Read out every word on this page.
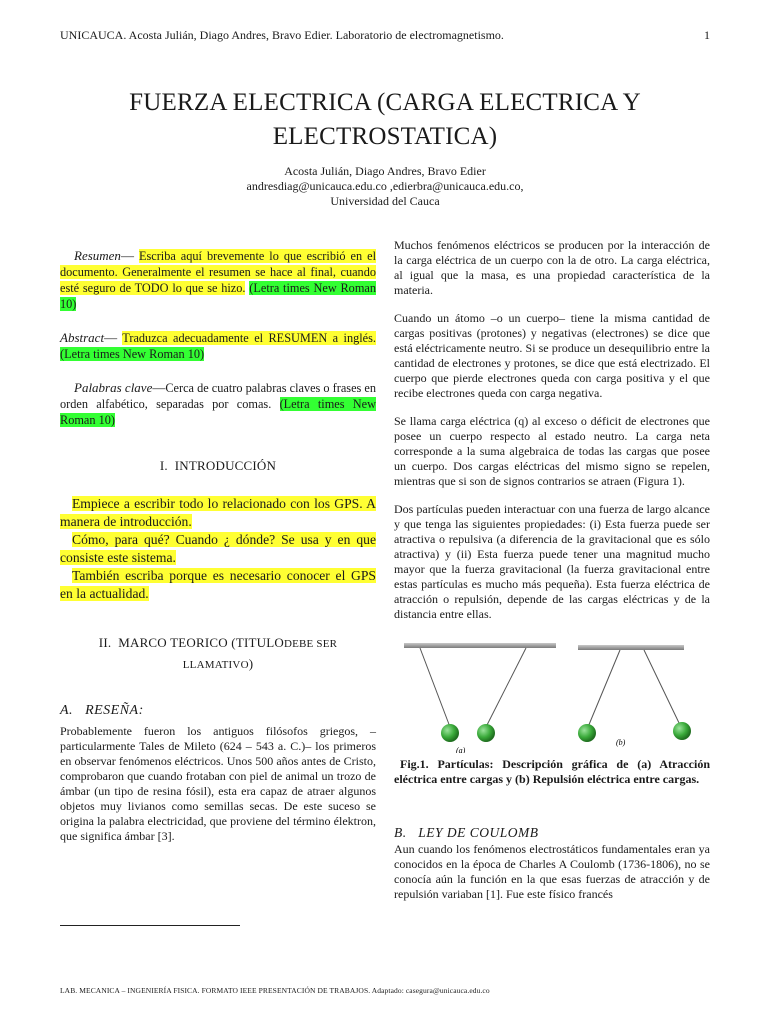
UNICAUCA. Acosta Julián, Diago Andres, Bravo Edier. Laboratorio de electromagnetismo.	1
FUERZA ELECTRICA (CARGA ELECTRICA Y
ELECTROSTATICA)
Acosta Julián, Diago Andres, Bravo Edier
andresdiag@unicauca.edu.co ,edierbra@unicauca.edu.co,
Universidad del Cauca

Resumen— Escriba aquí brevemente lo que escribió en el documento. Generalmente el resumen se hace al final, cuando esté seguro de TODO lo que se hizo. (Letra times New Roman 10)

Abstract— Traduzca adecuadamente el RESUMEN a inglés. (Letra times New Roman 10)

Palabras clave—Cerca de cuatro palabras claves o frases en orden alfabético, separadas por comas. (Letra times New Roman 10)

I. INTRODUCCIÓN

Empiece a escribir todo lo relacionado con los GPS. A manera de introducción.

Cómo, para qué? Cuando ¿ dónde? Se usa y en que consiste este sistema.

También escriba porque es necesario conocer el GPS en la actualidad.

II. MARCO TEORICO (TITULODEBE SER
LLAMATIVO)
A. RESEÑA:

Probablemente fueron los antiguos filósofos griegos, –particularmente Tales de Mileto (624 – 543 a. C.)– los primeros en observar fenómenos eléctricos. Unos 500 años antes de Cristo, comprobaron que cuando frotaban con piel de animal un trozo de ámbar (un tipo de resina fósil), esta era capaz de atraer algunos objetos muy livianos como semillas secas. De este suceso se origina la palabra electricidad, que proviene del término élektron, que significa ámbar [3].

Muchos fenómenos eléctricos se producen por la interacción de la carga eléctrica de un cuerpo con la de otro. La carga eléctrica, al igual que la masa, es una propiedad característica de la materia.

Cuando un átomo –o un cuerpo– tiene la misma cantidad de cargas positivas (protones) y negativas (electrones) se dice que está eléctricamente neutro. Si se produce un desequilibrio entre la cantidad de electrones y protones, se dice que está electrizado. El cuerpo que pierde electrones queda con carga positiva y el que recibe electrones queda con carga negativa.

Se llama carga eléctrica (q) al exceso o déficit de electrones que posee un cuerpo respecto al estado neutro. La carga neta corresponde a la suma algebraica de todas las cargas que posee un cuerpo. Dos cargas eléctricas del mismo signo se repelen, mientras que si son de signos contrarios se atraen (Figura 1).

Dos partículas pueden interactuar con una fuerza de largo alcance y que tenga las siguientes propiedades: (i) Esta fuerza puede ser atractiva o repulsiva (a diferencia de la gravitacional que es sólo atractiva) y (ii) Esta fuerza puede tener una magnitud mucho mayor que la fuerza gravitacional (la fuerza gravitacional entre estas partículas es mucho más pequeña). Esta fuerza eléctrica de atracción o repulsión, depende de las cargas eléctricas y de la distancia entre ellas.

(a)
(b)

Fig.1. Partículas: Descripción gráfica de (a) Atracción eléctrica entre cargas y (b) Repulsión eléctrica entre cargas.

B. LEY DE COULOMB

Aun cuando los fenómenos electrostáticos fundamentales eran ya conocidos en la época de Charles A Coulomb (1736-1806), no se conocía aún la función en la que esas fuerzas de atracción y de repulsión variaban [1]. Fue este físico francés

LAB. MECANICA – INGENIERÍA FISICA. FORMATO IEEE PRESENTACIÓN DE TRABAJOS. Adaptado: casegura@unicauca.edu.co
